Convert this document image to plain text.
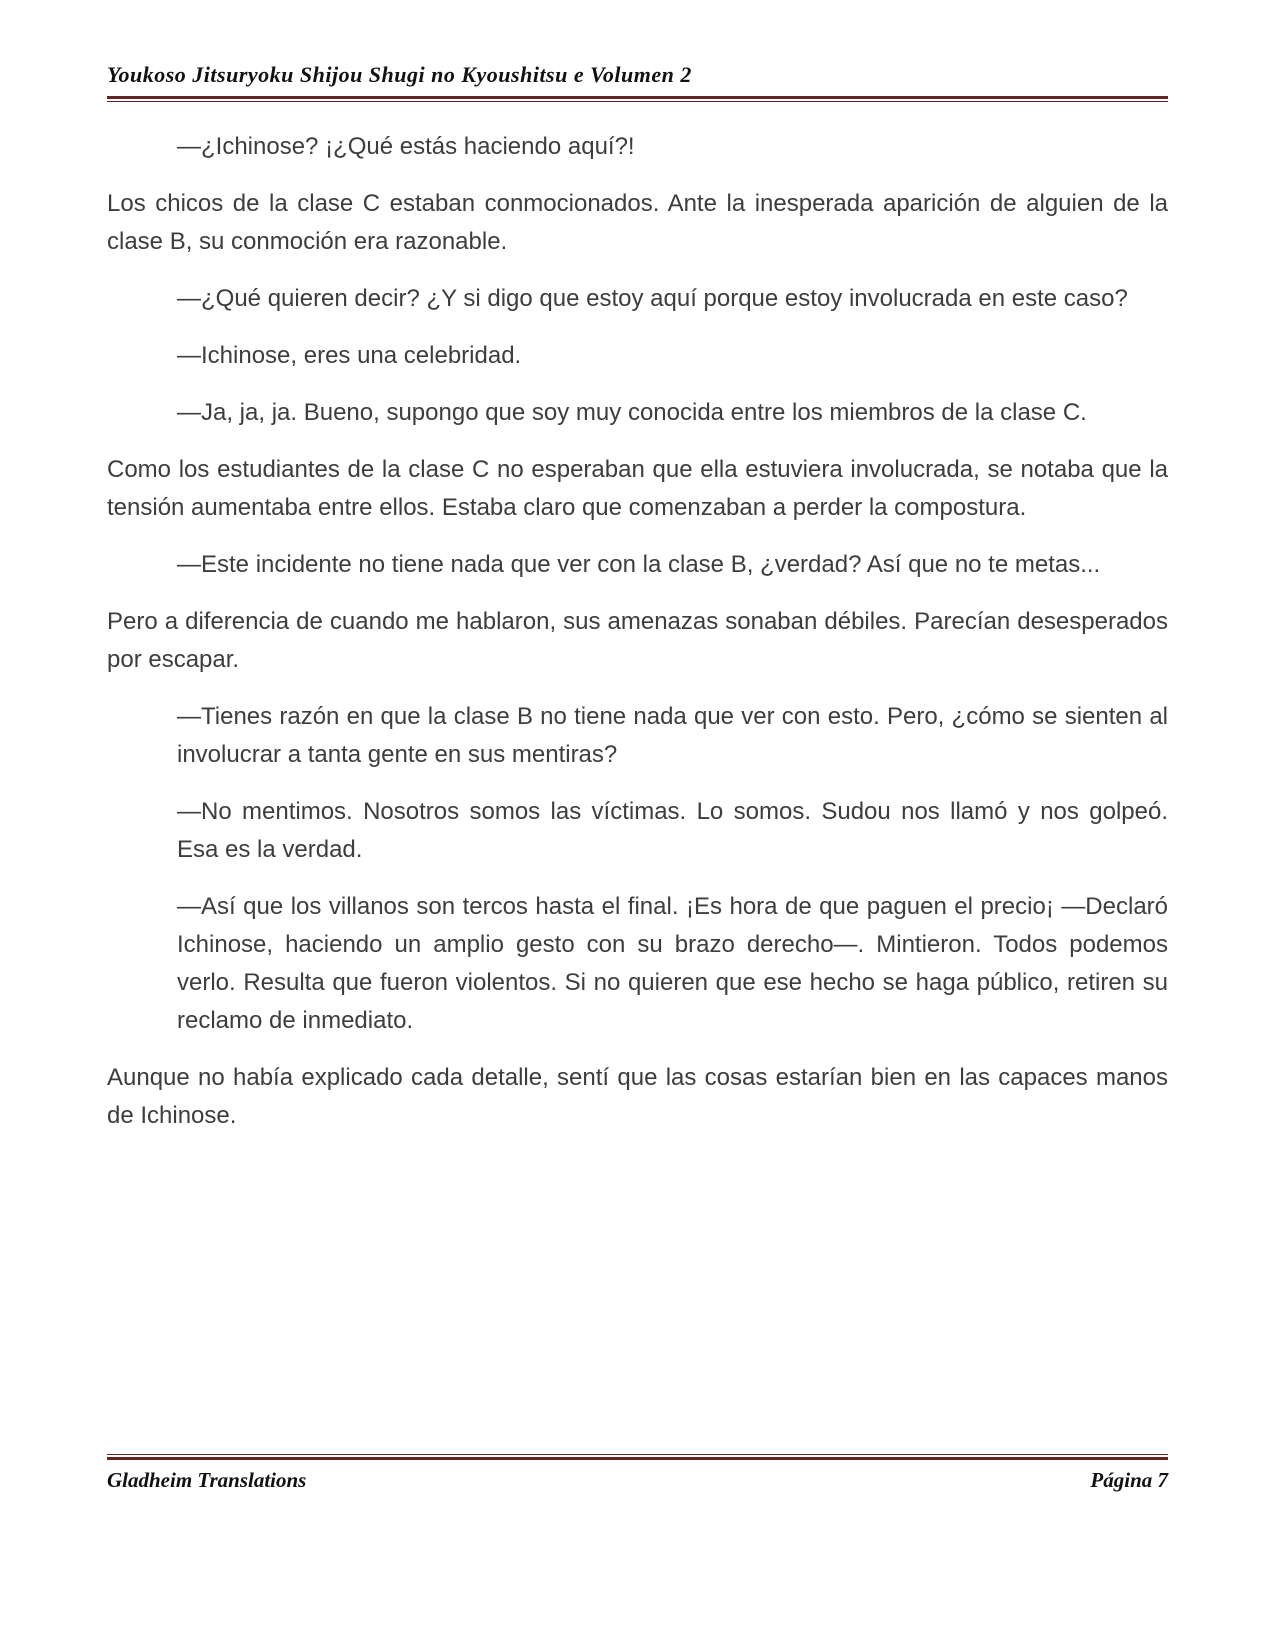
Youkoso Jitsuryoku Shijou Shugi no Kyoushitsu e Volumen 2

—¿Ichinose? ¡¿Qué estás haciendo aquí?!

Los chicos de la clase C estaban conmocionados. Ante la inesperada aparición de alguien de la clase B, su conmoción era razonable.

—¿Qué quieren decir? ¿Y si digo que estoy aquí porque estoy involucrada en este caso?

—Ichinose, eres una celebridad.

—Ja, ja, ja. Bueno, supongo que soy muy conocida entre los miembros de la clase C.

Como los estudiantes de la clase C no esperaban que ella estuviera involucrada, se notaba que la tensión aumentaba entre ellos. Estaba claro que comenzaban a perder la compostura.

—Este incidente no tiene nada que ver con la clase B, ¿verdad? Así que no te metas...

Pero a diferencia de cuando me hablaron, sus amenazas sonaban débiles. Parecían desesperados por escapar.

—Tienes razón en que la clase B no tiene nada que ver con esto. Pero, ¿cómo se sienten al involucrar a tanta gente en sus mentiras?

—No mentimos. Nosotros somos las víctimas. Lo somos. Sudou nos llamó y nos golpeó. Esa es la verdad.

—Así que los villanos son tercos hasta el final. ¡Es hora de que paguen el precio¡ —Declaró Ichinose, haciendo un amplio gesto con su brazo derecho—. Mintieron. Todos podemos verlo. Resulta que fueron violentos. Si no quieren que ese hecho se haga público, retiren su reclamo de inmediato.

Aunque no había explicado cada detalle, sentí que las cosas estarían bien en las capaces manos de Ichinose.

Gladheim Translations	Página 7
